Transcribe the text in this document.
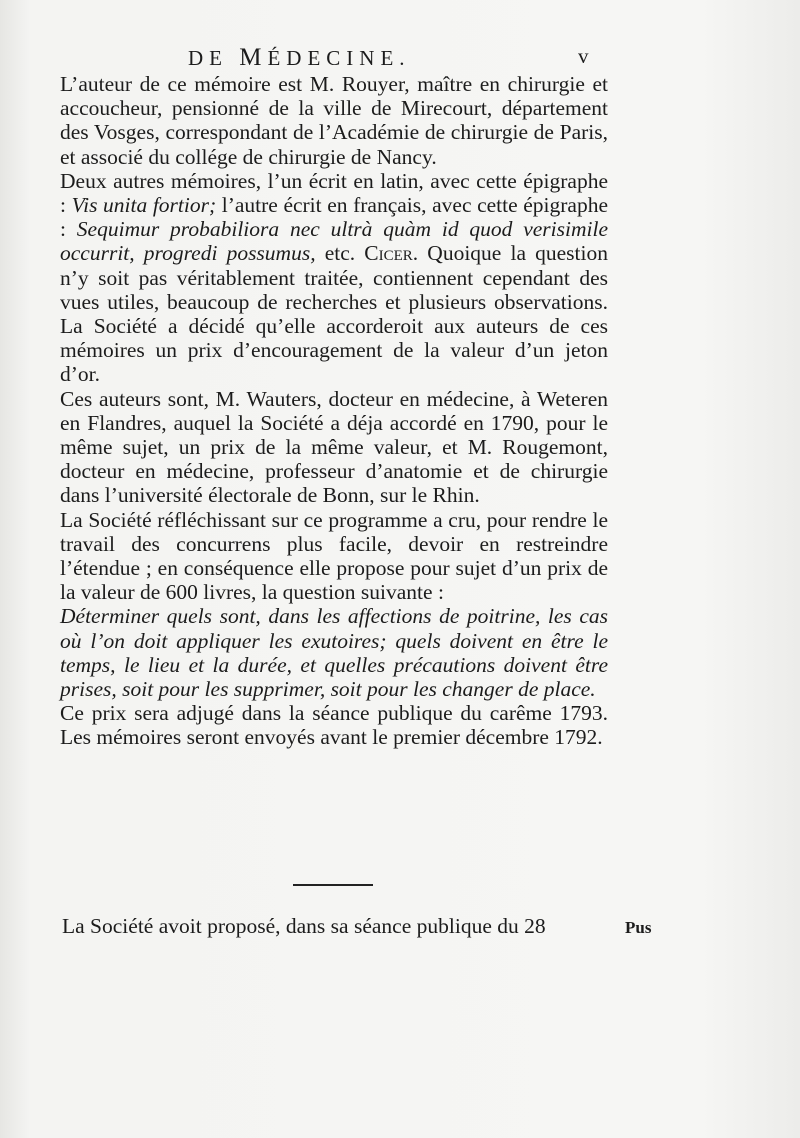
DE MÉDECINE.	v

L’auteur de ce mémoire est M. Rouyer, maître en chirurgie et accoucheur, pensionné de la ville de Mirecourt, département des Vosges, correspondant de l’Académie de chirurgie de Paris, et associé du collége de chirurgie de Nancy.

Deux autres mémoires, l’un écrit en latin, avec cette épigraphe : Vis unita fortior; l’autre écrit en français, avec cette épigraphe : Sequimur probabiliora nec ultrà quàm id quod verisimile occurrit, progredi possumus, etc. Cicer. Quoique la question n’y soit pas véritablement traitée, contiennent cependant des vues utiles, beaucoup de recherches et plusieurs observations. La Société a décidé qu’elle accorderoit aux auteurs de ces mémoires un prix d’encouragement de la valeur d’un jeton d’or.

Ces auteurs sont, M. Wauters, docteur en médecine, à Weteren en Flandres, auquel la Société a déja accordé en 1790, pour le même sujet, un prix de la même valeur, et M. Rougemont, docteur en médecine, professeur d’anatomie et de chirurgie dans l’université électorale de Bonn, sur le Rhin.

La Société réfléchissant sur ce programme a cru, pour rendre le travail des concurrens plus facile, devoir en restreindre l’étendue ; en conséquence elle propose pour sujet d’un prix de la valeur de 600 livres, la question suivante :

Déterminer quels sont, dans les affections de poitrine, les cas où l’on doit appliquer les exutoires; quels doivent en être le temps, le lieu et la durée, et quelles précautions doivent être prises, soit pour les supprimer, soit pour les changer de place.

Ce prix sera adjugé dans la séance publique du carême 1793. Les mémoires seront envoyés avant le premier décembre 1792.

La Société avoit proposé, dans sa séance publique du 28	Pus
